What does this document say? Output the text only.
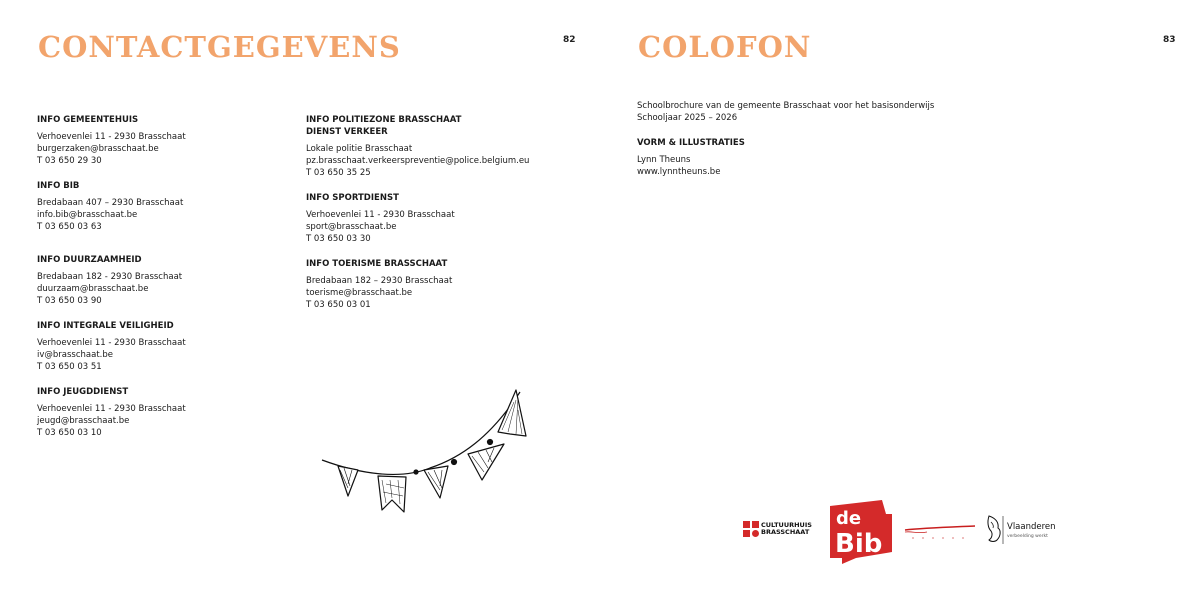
CONTACTGEGEVENS	82
INFO GEMEENTEHUIS
Verhoevenlei 11 - 2930 Brasschaat
burgerzaken@brasschaat.be
T 03 650 29 30
INFO BIB
Bredabaan 407 – 2930 Brasschaat
info.bib@brasschaat.be
T 03 650 03 63
INFO DUURZAAMHEID
Bredabaan 182 - 2930 Brasschaat
duurzaam@brasschaat.be
T 03 650 03 90
INFO INTEGRALE VEILIGHEID
Verhoevenlei 11 - 2930 Brasschaat
iv@brasschaat.be
T 03 650 03 51
INFO JEUGDDIENST
Verhoevenlei 11 - 2930 Brasschaat
jeugd@brasschaat.be
T 03 650 03 10
INFO POLITIEZONE BRASSCHAAT
DIENST VERKEER
Lokale politie Brasschaat
pz.brasschaat.verkeerspreventie@police.belgium.eu
T 03 650 35 25
INFO SPORTDIENST
Verhoevenlei 11 - 2930 Brasschaat
sport@brasschaat.be
T 03 650 03 30
INFO TOERISME BRASSCHAAT
Bredabaan 182 – 2930 Brasschaat
toerisme@brasschaat.be
T 03 650 03 01
COLOFON	83
Schoolbrochure van de gemeente Brasschaat voor het basisonderwijs
Schooljaar 2025 – 2026
VORM & ILLUSTRATIES
Lynn Theuns
www.lynntheuns.be
CULTUURHUIS
BRASSCHAAT
de
Bib
Vlaanderen
verbeelding werkt
